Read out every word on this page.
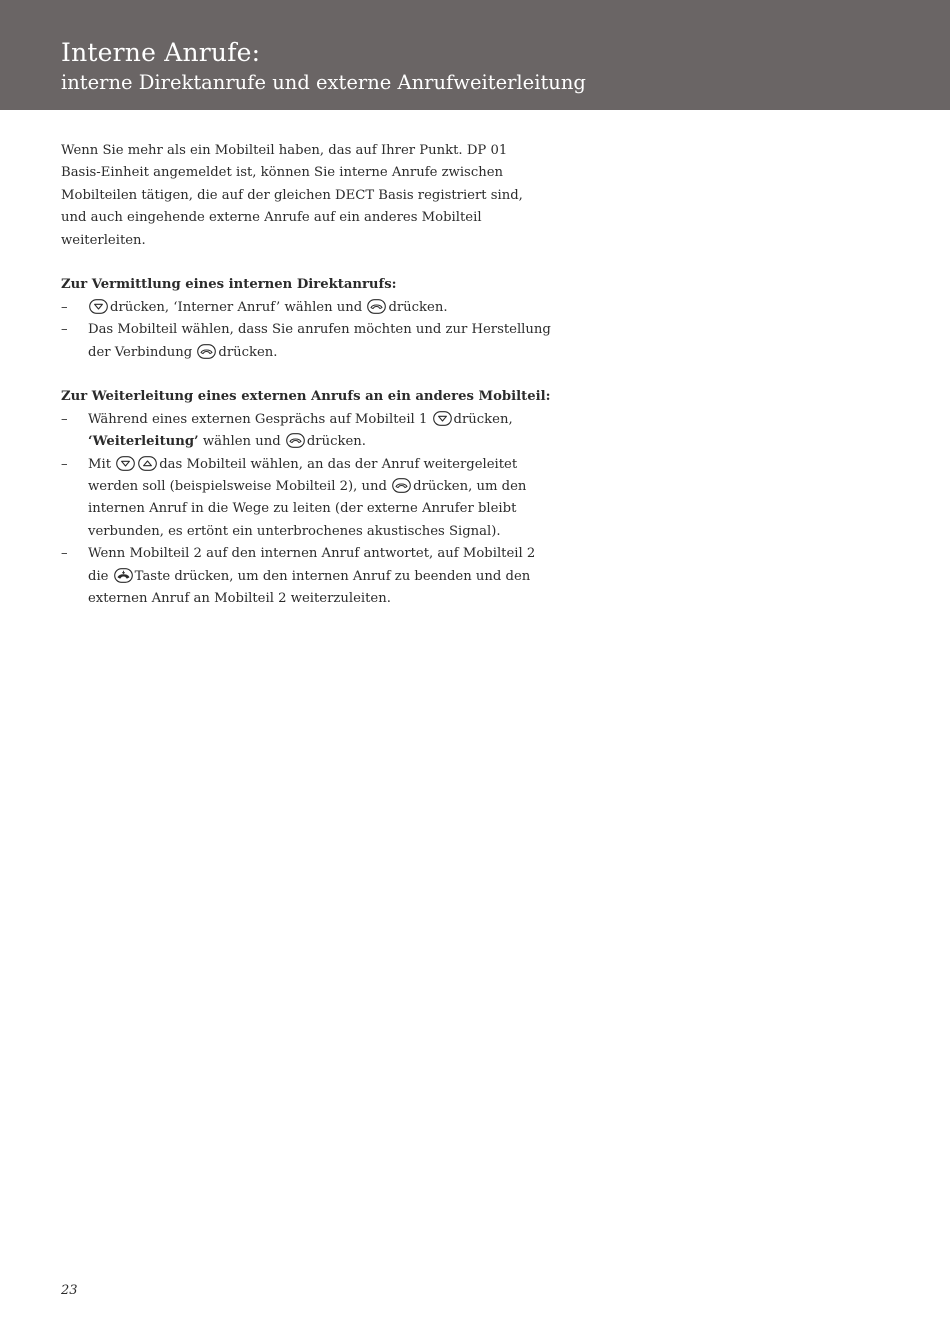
Interne Anrufe:
interne Direktanrufe und externe Anrufweiterleitung

Wenn Sie mehr als ein Mobilteil haben, das auf Ihrer Punkt. DP 01 Basis-Einheit angemeldet ist, können Sie interne Anrufe zwischen Mobilteilen tätigen, die auf der gleichen DECT Basis registriert sind, und auch eingehende externe Anrufe auf ein anderes Mobilteil weiterleiten.

Zur Vermittlung eines internen Direktanrufs:

–	drücken, ‘Interner Anruf’ wählen und drücken.
– Das Mobilteil wählen, dass Sie anrufen möchten und zur Herstellung der Verbindung drücken.

Zur Weiterleitung eines externen Anrufs an ein anderes Mobilteil:

– Während eines externen Gesprächs auf Mobilteil 1 drücken, ‘Weiterleitung’ wählen und drücken.
– Mit	das Mobilteil wählen, an das der Anruf weitergeleitet werden soll (beispielsweise Mobilteil 2), und drücken, um den internen Anruf in die Wege zu leiten (der externe Anrufer bleibt verbunden, es ertönt ein unterbrochenes akustisches Signal).
– Wenn Mobilteil 2 auf den internen Anruf antwortet, auf Mobilteil 2 die Taste drücken, um den internen Anruf zu beenden und den externen Anruf an Mobilteil 2 weiterzuleiten.
23
